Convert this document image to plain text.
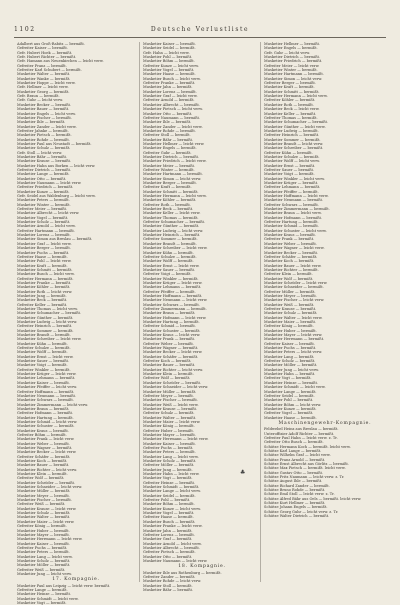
1102	Deutsche Verlustliste
Adalbert aus Groß-Rabitz — bermißt.
Gefreiter Kaiser — bermißt.
Gefr. Hubert Hoek — bermißt.
Gefr. Hubert Richter — bermißt.
Gefr. Hamann aus Neuenkirchen — leicht verw.
Gefreiter Franz — bermißt.
Gefreiter Karl Schubert — bermißt.
Musketier Walter — bermißt.
Musketier Wanke — bermißt.
Musketier Hoppe — leicht verw.
Gefr. Hellmer — leicht verw.
Musketier Georg — bermißt.
Gefr. Braun — bermißt.
Gefr. Guhr — leicht verw.
Musketier Becker — bermißt.
Musketier Bauer — bermißt.
Musketier Engels — leicht verw.
Musketier Fischer — bermißt.
Musketier Ihle — bermißt.
Musketier Zander — leicht verw.
Gefreiter Jahnke — bermißt.
Musketier Pietsch — bermißt.
Musketier Rohde — bermißt.
Musketier Paul aus Neustadt — bermißt.
Musketier Schulz — bermißt.
Gefr. Stoll — leicht verw.
Musketier Bähr — bermißt.
Musketier Krause — bermißt.
Musketier Hahn aus Borken — leicht verw.
Gefreiter Dietrich — bermißt.
Musketier Lange — bermißt.
Musketier Otto — bermißt.
Musketier Naumann — leicht verw.
Gefreiter Friedrich — bermißt.
Musketier Kunze — bermißt.
Gefr. Seidel aus Waldenburg — leicht verw.
Musketier Peters — bermißt.
Musketier Winter — bermißt.
Gefreiter Meier — bermißt.
Musketier Albrecht — leicht verw.
Musketier Vogel — bermißt.
Musketier Scholz — bermißt.
Musketier Arnold — leicht verw.
Gefreiter Hartmann — bermißt.
Musketier Lorenz — bermißt.
Musketier Simon aus Breslau — bermißt.
Musketier Graf — leicht verw.
Musketier Berger — bermißt.
Musketier Fuchs — bermißt.
Gefreiter Haase — bermißt.
Musketier Pohl — leicht verw.
Musketier Kraft — bermißt.
Musketier Schmitt — bermißt.
Musketier Busch — leicht verw.
Gefreiter Hermann — bermißt.
Musketier Franke — bermißt.
Musketier Köhler — bermißt.
Musketier Roth — leicht verw.
Musketier Jung — bermißt.
Musketier Beck — bermißt.
Gefreiter Keller — bermißt.
Musketier Thomas — leicht verw.
Musketier Schumacher — bermißt.
Musketier Günther — bermißt.
Musketier Ludwig — leicht verw.
Gefreiter Heinrich — bermißt.
Musketier Sommer — bermißt.
Musketier Brandt — bermißt.
Musketier Schreiber — leicht verw.
Musketier Kühn — bermißt.
Gefreiter Schulze — bermißt.
Musketier Wolff — bermißt.
Musketier Ernst — leicht verw.
Musketier Sauer — bermißt.
Musketier Voigt — bermißt.
Gefreiter Winkler — bermißt.
Musketier Krüger — leicht verw.
Musketier Lehmann — bermißt.
Musketier Kaiser — bermißt.
Musketier Pfeiffer — leicht verw.
Gefreiter Hoffmann — bermißt.
Musketier Neumann — bermißt.
Musketier Schwarz — bermißt.
Musketier Zimmermann — leicht verw.
Musketier Braun — bermißt.
Gefreiter Hofmann — bermißt.
Musketier Hartung — bermißt.
Musketier Schmid — leicht verw.
Musketier Schuster — bermißt.
Musketier Kraus — bermißt.
Gefreiter Böhm — bermißt.
Musketier Frank — leicht verw.
Musketier Weber — bermißt.
Musketier Wagner — bermißt.
Musketier Becker — leicht verw.
Gefreiter Schäfer — bermißt.
Musketier Koch — bermißt.
Musketier Bauer — bermißt.
Musketier Richter — leicht verw.
Musketier Klein — bermißt.
Gefreiter Wolf — bermißt.
Musketier Schröder — bermißt.
Musketier Schneider — leicht verw.
Musketier Müller — bermißt.
Musketier Meyer — bermißt.
Musketier Fischer — bermißt.
Gefreiter Weiß — bermißt.
Musketier Krause — leicht verw.
Musketier Schulz — bermißt.
Musketier Walter — bermißt.
Musketier Maier — leicht verw.
Gefreiter König — bermißt.
Musketier Huber — bermißt.
Musketier Mayer — bermißt.
Musketier Herrmann — leicht verw.
Musketier Kaiser — bermißt.
Gefreiter Fuchs — bermißt.
Musketier Peters — bermißt.
Musketier Lang — leicht verw.
Musketier Scholz — bermißt.
Musketier Möller — bermißt.
Gefreiter Weiß — bermißt.
Musketier Jung — leicht verw.
17. Kompagnie.
Musketier Paul aus Leipzig — leicht verw. bermißt.
Gefreiter Lange — bermißt.
Musketier Heinze — bermißt.
Musketier Schmidt — leicht verw.
Musketier Vogt — bermißt.
Musketier Kaiser — bermißt.
Musketier Seidel — bermißt.
Gefr. Hahn — leicht verw.
Musketier Pohl — bermißt.
Musketier Böhm — bermißt.
Gefreiter Kunze — leicht verw.
Musketier Vogel — bermißt.
Musketier Haase — bermißt.
Musketier Busch — leicht verw.
Gefreiter Franke — bermißt.
Musketier Jahn — bermißt.
Musketier Lorenz — bermißt.
Musketier Graf — leicht verw.
Gefreiter Arnold — bermißt.
Musketier Albrecht — bermißt.
Musketier Pietsch — leicht verw.
Musketier Otto — bermißt.
Gefreiter Naumann — bermißt.
Musketier Ihle — bermißt.
Musketier Zander — leicht verw.
Musketier Rohde — bermißt.
Gefreiter Stoll — bermißt.
Musketier Bähr — bermißt.
Musketier Hellmer — leicht verw.
Musketier Engels — bermißt.
Gefreiter Guhr — bermißt.
Musketier Dietrich — bermißt.
Musketier Friedrich — leicht verw.
Musketier Meier — bermißt.
Gefreiter Winter — bermißt.
Musketier Hartmann — bermißt.
Musketier Simon — leicht verw.
Musketier Berger — bermißt.
Gefreiter Kraft — bermißt.
Musketier Schmitt — bermißt.
Musketier Hermann — leicht verw.
Musketier Köhler — bermißt.
Gefreiter Roth — bermißt.
Musketier Beck — bermißt.
Musketier Keller — leicht verw.
Musketier Thomas — bermißt.
Gefreiter Schumacher — bermißt.
Musketier Günther — bermißt.
Musketier Ludwig — leicht verw.
Musketier Heinrich — bermißt.
Gefreiter Sommer — bermißt.
Musketier Brandt — bermißt.
Musketier Schreiber — leicht verw.
Musketier Kühn — bermißt.
Gefreiter Schulze — bermißt.
Musketier Wolff — bermißt.
Musketier Ernst — leicht verw.
Musketier Sauer — bermißt.
Gefreiter Voigt — bermißt.
Musketier Winkler — bermißt.
Musketier Krüger — leicht verw.
Musketier Lehmann — bermißt.
Gefreiter Pfeiffer — bermißt.
Musketier Hoffmann — bermißt.
Musketier Neumann — leicht verw.
Musketier Schwarz — bermißt.
Gefreiter Zimmermann — bermißt.
Musketier Braun — bermißt.
Musketier Hofmann — leicht verw.
Musketier Hartung — bermißt.
Gefreiter Schmid — bermißt.
Musketier Schuster — bermißt.
Musketier Kraus — leicht verw.
Musketier Frank — bermißt.
Gefreiter Weber — bermißt.
Musketier Wagner — bermißt.
Musketier Becker — leicht verw.
Musketier Schäfer — bermißt.
Gefreiter Koch — bermißt.
Musketier Bauer — bermißt.
Musketier Richter — leicht verw.
Musketier Klein — bermißt.
Gefreiter Wolf — bermißt.
Musketier Schröder — bermißt.
Musketier Schneider — leicht verw.
Musketier Müller — bermißt.
Gefreiter Meyer — bermißt.
Musketier Fischer — bermißt.
Musketier Weiß — leicht verw.
Musketier Krause — bermißt.
Gefreiter Schulz — bermißt.
Musketier Walter — bermißt.
Musketier Maier — leicht verw.
Musketier König — bermißt.
Gefreiter Huber — bermißt.
Musketier Mayer — bermißt.
Musketier Herrmann — leicht verw.
Musketier Kaiser — bermißt.
Gefreiter Fuchs — bermißt.
Musketier Peters — bermißt.
Musketier Lang — leicht verw.
Musketier Scholz — bermißt.
Gefreiter Möller — bermißt.
Musketier Jung — bermißt.
Musketier Hahn — leicht verw.
Musketier Vogt — bermißt.
Gefreiter Heinze — bermißt.
Musketier Schmidt — bermißt.
Musketier Lange — leicht verw.
Musketier Seidel — bermißt.
Gefreiter Pohl — bermißt.
Musketier Böhm — bermißt.
Musketier Kunze — leicht verw.
Musketier Vogel — bermißt.
Gefreiter Haase — bermißt.
Musketier Busch — bermißt.
Musketier Franke — leicht verw.
Musketier Jahn — bermißt.
Gefreiter Lorenz — bermißt.
Musketier Graf — bermißt.
Musketier Arnold — leicht verw.
Musketier Albrecht — bermißt.
Gefreiter Pietsch — bermißt.
Musketier Otto — bermißt.
Musketier Naumann — leicht verw.
18. Kompagnie.
Musketier Ihle aus Rothenburg — bermißt.
Gefreiter Zander — bermißt.
Musketier Rohde — leicht verw.
Musketier Stoll — bermißt.
Musketier Bähr — bermißt.
Musketier Hellmer — bermißt.
Musketier Engels — bermißt.
Gefr. Guhr — leicht verw.
Musketier Dietrich — bermißt.
Musketier Friedrich — bermißt.
Gefreiter Meier — leicht verw.
Musketier Winter — bermißt.
Musketier Hartmann — bermißt.
Musketier Simon — leicht verw.
Gefreiter Berger — bermißt.
Musketier Kraft — bermißt.
Musketier Schmitt — bermißt.
Musketier Hermann — leicht verw.
Gefreiter Köhler — bermißt.
Musketier Roth — bermißt.
Musketier Beck — leicht verw.
Musketier Keller — bermißt.
Gefreiter Thomas — bermißt.
Musketier Schumacher — bermißt.
Musketier Günther — leicht verw.
Musketier Ludwig — bermißt.
Gefreiter Heinrich — bermißt.
Musketier Sommer — bermißt.
Musketier Brandt — leicht verw.
Musketier Schreiber — bermißt.
Gefreiter Kühn — bermißt.
Musketier Schulze — bermißt.
Musketier Wolff — leicht verw.
Musketier Ernst — bermißt.
Gefreiter Sauer — bermißt.
Musketier Voigt — bermißt.
Musketier Winkler — leicht verw.
Musketier Krüger — bermißt.
Gefreiter Lehmann — bermißt.
Musketier Pfeiffer — bermißt.
Musketier Hoffmann — leicht verw.
Musketier Neumann — bermißt.
Gefreiter Schwarz — bermißt.
Musketier Zimmermann — bermißt.
Musketier Braun — leicht verw.
Musketier Hofmann — bermißt.
Gefreiter Hartung — bermißt.
Musketier Schmid — bermißt.
Musketier Schuster — leicht verw.
Musketier Kraus — bermißt.
Gefreiter Frank — bermißt.
Musketier Weber — bermißt.
Musketier Wagner — leicht verw.
Musketier Becker — bermißt.
Gefreiter Schäfer — bermißt.
Musketier Koch — bermißt.
Musketier Bauer — leicht verw.
Musketier Richter — bermißt.
Gefreiter Klein — bermißt.
Musketier Wolf — bermißt.
Musketier Schröder — leicht verw.
Musketier Schneider — bermißt.
Gefreiter Müller — bermißt.
Musketier Meyer — bermißt.
Musketier Fischer — leicht verw.
Musketier Weiß — bermißt.
Gefreiter Krause — bermißt.
Musketier Schulz — bermißt.
Musketier Walter — leicht verw.
Musketier Maier — bermißt.
Gefreiter König — bermißt.
Musketier Huber — bermißt.
Musketier Mayer — leicht verw.
Musketier Herrmann — bermißt.
Gefreiter Kaiser — bermißt.
Musketier Fuchs — bermißt.
Musketier Peters — leicht verw.
Musketier Lang — bermißt.
Gefreiter Scholz — bermißt.
Musketier Möller — bermißt.
Musketier Jung — leicht verw.
Musketier Hahn — bermißt.
Gefreiter Vogt — bermißt.
Musketier Heinze — bermißt.
Musketier Schmidt — leicht verw.
Musketier Lange — bermißt.
Gefreiter Seidel — bermißt.
Musketier Pohl — bermißt.
Musketier Böhm — leicht verw.
Musketier Kunze — bermißt.
Gefreiter Vogel — bermißt.
Musketier Haase — bermißt.
Maschinengewehr-Kompagnie.
Feldwebel Heinz aus Breslau — bermißt.
Unteroffizier Adolf Richter — bermißt.
Gefreiter Paul Hahn — leicht verw. z. Tr.
Gefreiter Otto Busch — bermißt.
Schütze Hermann Koch — bermißt. leicht verw.
Schütze Karl Lange — bermißt.
Schütze Wilhelm Graf — leicht verw.
Schütze Franz Arnold — bermißt.
Schütze Ernst Albrecht aus Görlitz — bermißt.
Schütze Max Pietsch — bermißt. leicht verw.
Schütze Gustav Otto — bermißt.
Schütze Fritz Naumann — leicht verw. z. Tr.
Schütze August Ihle — bermißt.
Schütze Richard Zander — bermißt.
Schütze Bruno Rohde — bermißt.
Schütze Emil Stoll — leicht verw. z. Tr.
Schütze Alfred Bähr aus Oels — bermißt. leicht verw.
Schütze Kurt Hellmer — bermißt.
Schütze Johann Engels — bermißt.
Schütze Georg Guhr — leicht verw. z. Tr.
Schütze Walter Dietrich — bermißt.
♣
